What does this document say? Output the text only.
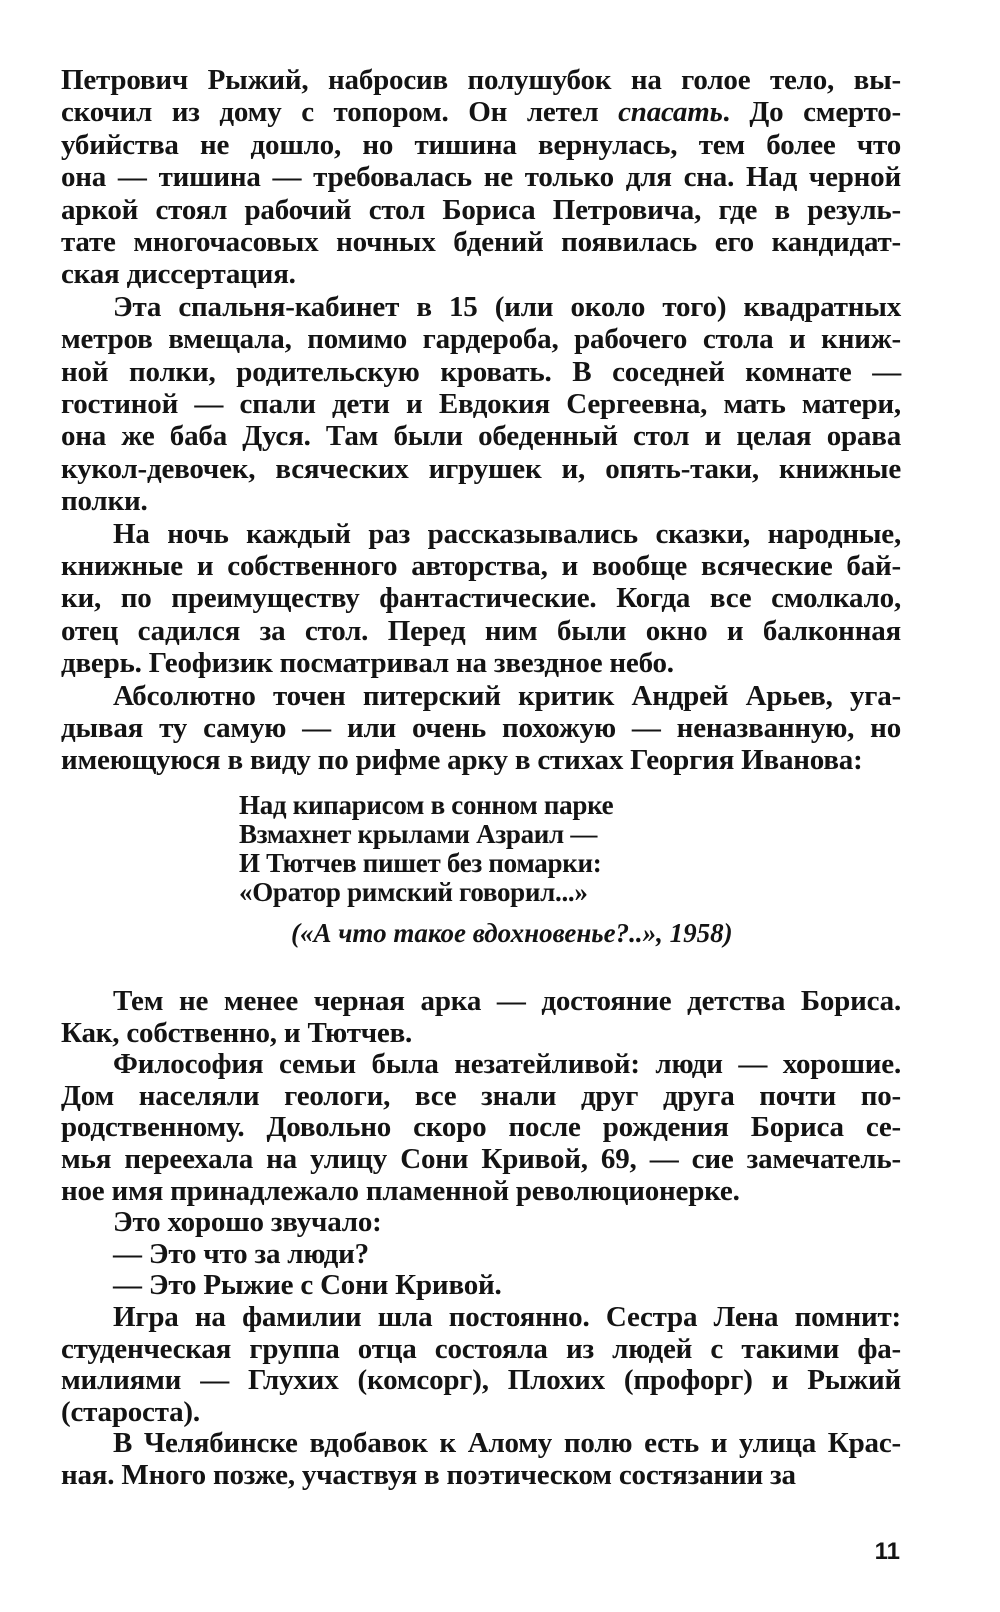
Петрович Рыжий, набросив полушубок на голое тело, вы-
скочил из дому с топором. Он летел спасать. До смерто-
убийства не дошло, но тишина вернулась, тем более что
она — тишина — требовалась не только для сна. Над черной
аркой стоял рабочий стол Бориса Петровича, где в резуль-
тате многочасовых ночных бдений появилась его кандидат-
ская диссертация.
Эта спальня-кабинет в 15 (или около того) квадратных
метров вмещала, помимо гардероба, рабочего стола и книж-
ной полки, родительскую кровать. В соседней комнате —
гостиной — спали дети и Евдокия Сергеевна, мать матери,
она же баба Дуся. Там были обеденный стол и целая орава
кукол-девочек, всяческих игрушек и, опять-таки, книжные
полки.
На ночь каждый раз рассказывались сказки, народные,
книжные и собственного авторства, и вообще всяческие бай-
ки, по преимуществу фантастические. Когда все смолкало,
отец садился за стол. Перед ним были окно и балконная
дверь. Геофизик посматривал на звездное небо.
Абсолютно точен питерский критик Андрей Арьев, уга-
дывая ту самую — или очень похожую — неназванную, но
имеющуюся в виду по рифме арку в стихах Георгия Иванова:
Над кипарисом в сонном парке
Взмахнет крылами Азраил —
И Тютчев пишет без помарки:
«Оратор римский говорил...»
(«А что такое вдохновенье?..», 1958)
Тем не менее черная арка — достояние детства Бориса.
Как, собственно, и Тютчев.
Философия семьи была незатейливой: люди — хорошие.
Дом населяли геологи, все знали друг друга почти по-
родственному. Довольно скоро после рождения Бориса се-
мья переехала на улицу Сони Кривой, 69, — сие замечатель-
ное имя принадлежало пламенной революционерке.
Это хорошо звучало:
— Это что за люди?
— Это Рыжие с Сони Кривой.
Игра на фамилии шла постоянно. Сестра Лена помнит:
студенческая группа отца состояла из людей с такими фа-
милиями — Глухих (комсорг), Плохих (профорг) и Рыжий
(староста).
В Челябинске вдобавок к Алому полю есть и улица Крас-
ная. Много позже, участвуя в поэтическом состязании за
11
